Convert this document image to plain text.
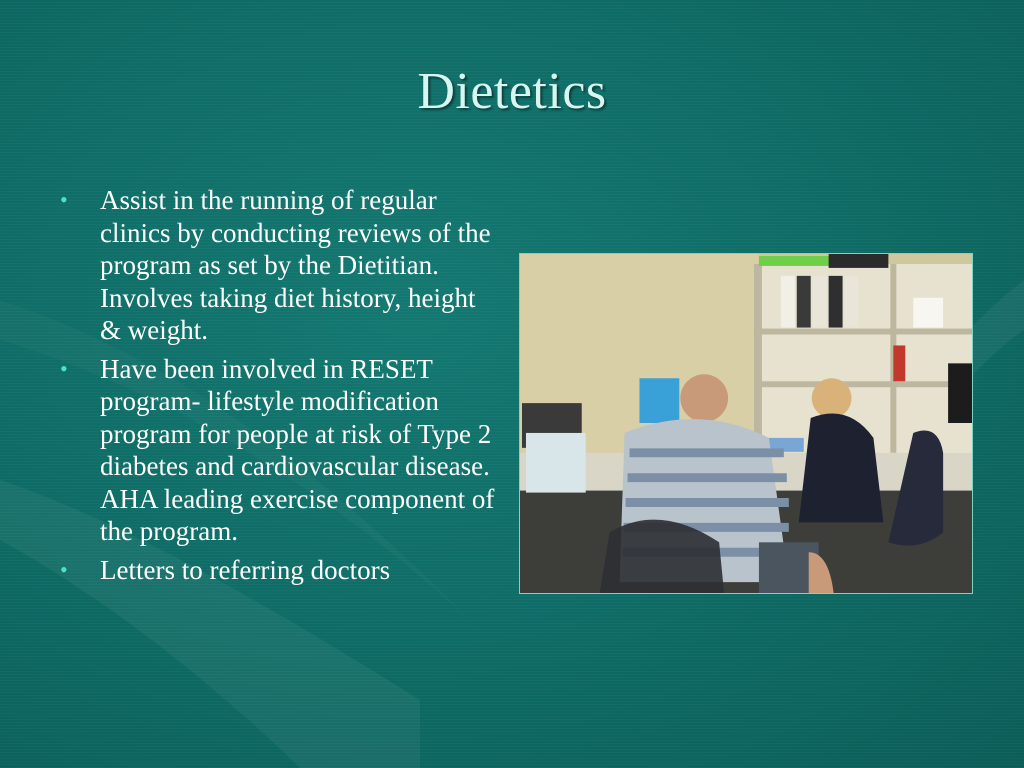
Dietetics
•	Assist in the running of regular clinics by conducting reviews of the program as set by the Dietitian. Involves taking diet history, height & weight.
•	Have been involved in RESET program- lifestyle modification program for people at risk of Type 2 diabetes and cardiovascular disease. AHA leading exercise component of the program.
•	Letters to referring doctors
